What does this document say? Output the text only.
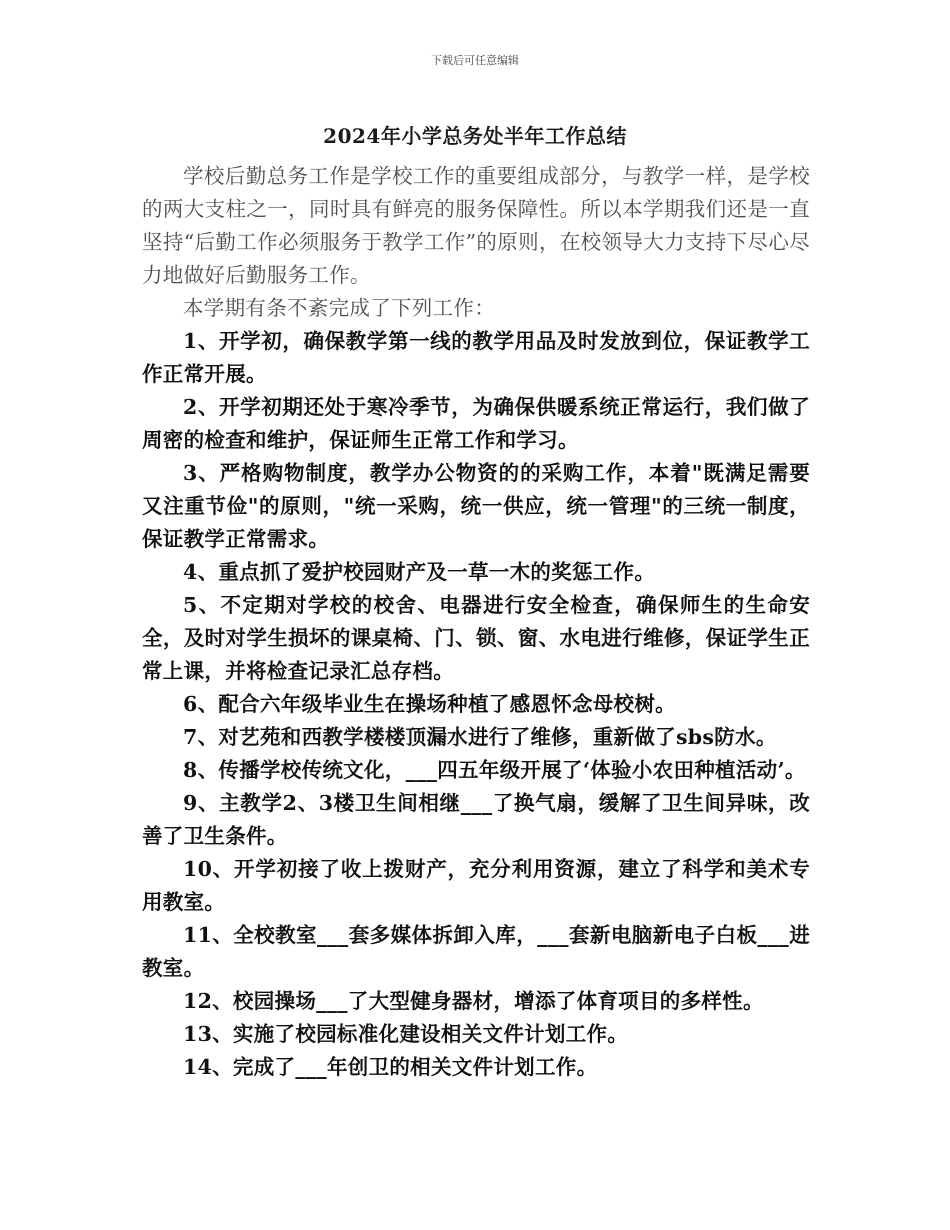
下载后可任意编辑
2024年小学总务处半年工作总结

学校后勤总务工作是学校工作的重要组成部分，与教学一样，是学校的两大支柱之一，同时具有鲜亮的服务保障性。所以本学期我们还是一直坚持“后勤工作必须服务于教学工作”的原则，在校领导大力支持下尽心尽力地做好后勤服务工作。

本学期有条不紊完成了下列工作：

1、开学初，确保教学第一线的教学用品及时发放到位，保证教学工作正常开展。

2、开学初期还处于寒冷季节，为确保供暖系统正常运行，我们做了周密的检查和维护，保证师生正常工作和学习。

3、严格购物制度，教学办公物资的的采购工作，本着"既满足需要又注重节俭"的原则，"统一采购，统一供应，统一管理"的三统一制度，保证教学正常需求。

4、重点抓了爱护校园财产及一草一木的奖惩工作。

5、不定期对学校的校舍、电器进行安全检查，确保师生的生命安全，及时对学生损坏的课桌椅、门、锁、窗、水电进行维修，保证学生正常上课，并将检查记录汇总存档。

6、配合六年级毕业生在操场种植了感恩怀念母校树。

7、对艺苑和西教学楼楼顶漏水进行了维修，重新做了sbs防水。

8、传播学校传统文化，___四五年级开展了‘体验小农田种植活动’。

9、主教学2、3楼卫生间相继___了换气扇，缓解了卫生间异味，改善了卫生条件。

10、开学初接了收上拨财产，充分利用资源，建立了科学和美术专用教室。

11、全校教室___套多媒体拆卸入库，___套新电脑新电子白板___进教室。

12、校园操场___了大型健身器材，增添了体育项目的多样性。

13、实施了校园标准化建设相关文件计划工作。

14、完成了___年创卫的相关文件计划工作。
